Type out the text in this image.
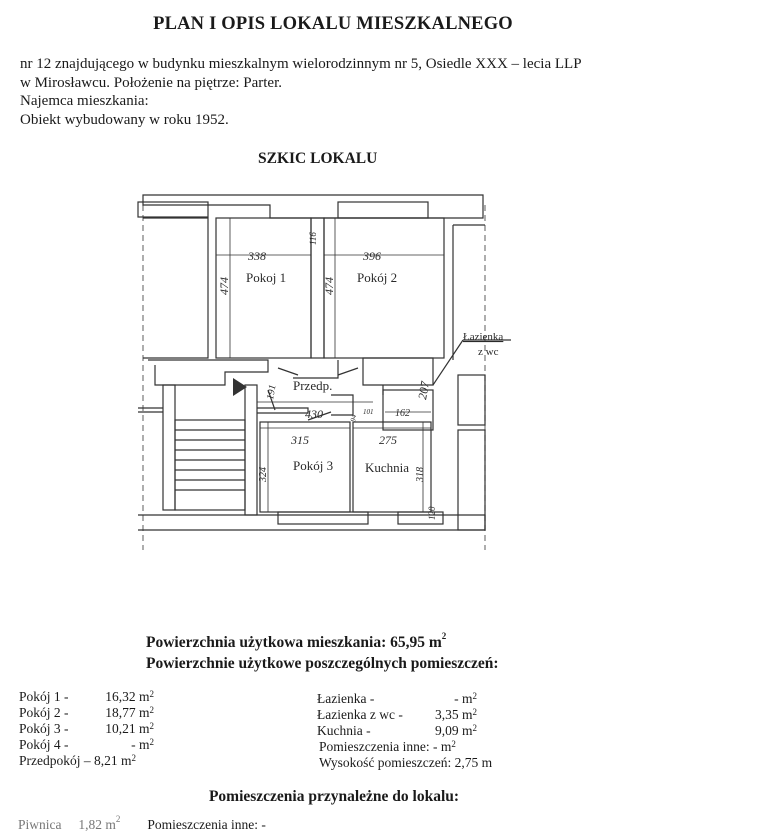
PLAN I OPIS LOKALU MIESZKALNEGO
nr 12 znajdującego w budynku mieszkalnym wielorodzinnym nr 5, Osiedle XXX – lecia LLP
w Mirosławcu. Położenie na piętrze: Parter.
Najemca mieszkania:
Obiekt wybudowany w roku 1952.
SZKIC LOKALU
Pokoj 1	Pokój 2
Przedp.
Pokój 3 Kuchnia
Łazienka
z wc
338	396
430
315	275
162
474	474
116
191	207
101
94
324	318
120
Powierzchnia użytkowa mieszkania: 65,95 $m^2$
Powierzchnie użytkowe poszczególnych pomieszczeń:
Pokój 1 -	16,32 $m^2$
Pokój 2 -	18,77 $m^2$
Pokój 3 -	10,21 $m^2$
Pokój 4 -	- $m^2$
Przedpokój – 8,21 $m^2$
Łazienka -	- $m^2$
Łazienka z wc -	3,35 $m^2$
Kuchnia -	9,09 $m^2$
Pomieszczenia inne: - $m^2$
Wysokość pomieszczeń: 2,75 m
Pomieszczenia przynależne do lokalu:
Piwnica 1,82 $m^2$ Pomieszczenia inne: -
